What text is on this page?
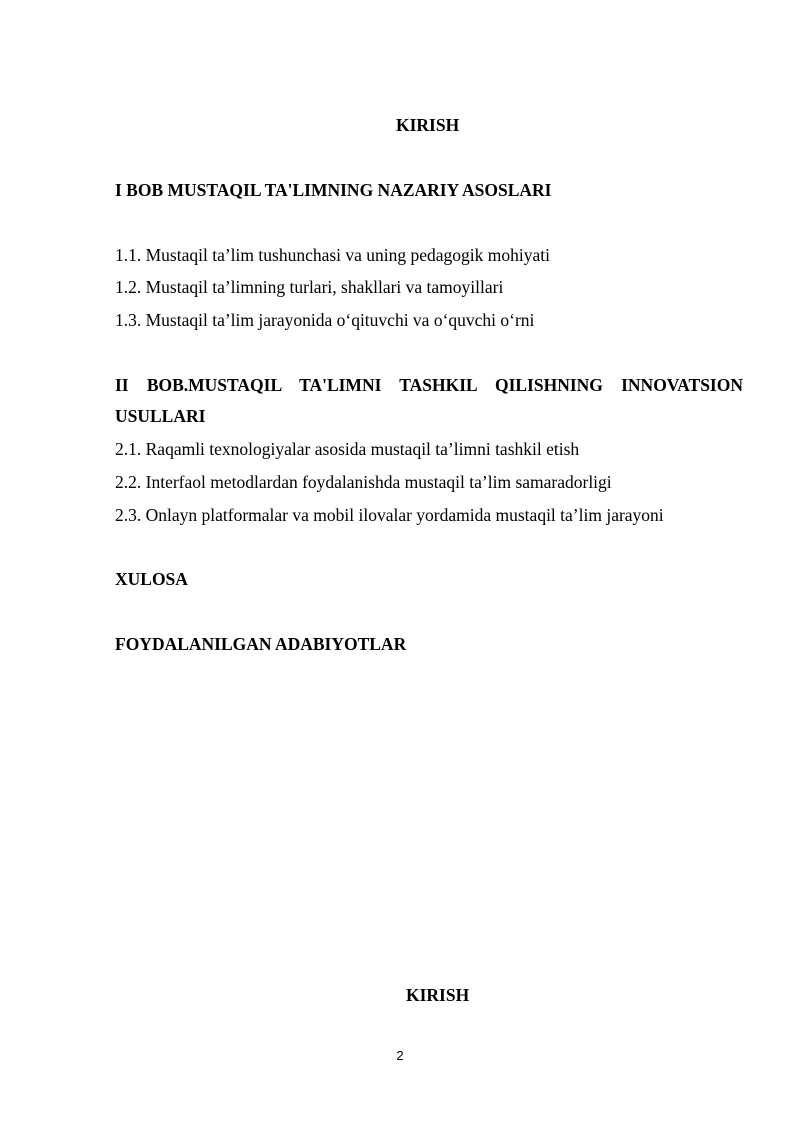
KIRISH
I BOB MUSTAQIL TA'LIMNING NAZARIY ASOSLARI
1.1. Mustaqil ta’lim tushunchasi va uning pedagogik mohiyati
1.2. Mustaqil ta’limning turlari, shakllari va tamoyillari
1.3. Mustaqil ta’lim jarayonida o‘qituvchi va o‘quvchi o‘rni
II BOB.MUSTAQIL TA'LIMNI TASHKIL QILISHNING INNOVATSION
USULLARI
2.1. Raqamli texnologiyalar asosida mustaqil ta’limni tashkil etish
2.2. Interfaol metodlardan foydalanishda mustaqil ta’lim samaradorligi
2.3. Onlayn platformalar va mobil ilovalar yordamida mustaqil ta’lim jarayoni
XULOSA
FOYDALANILGAN ADABIYOTLAR
KIRISH
2
